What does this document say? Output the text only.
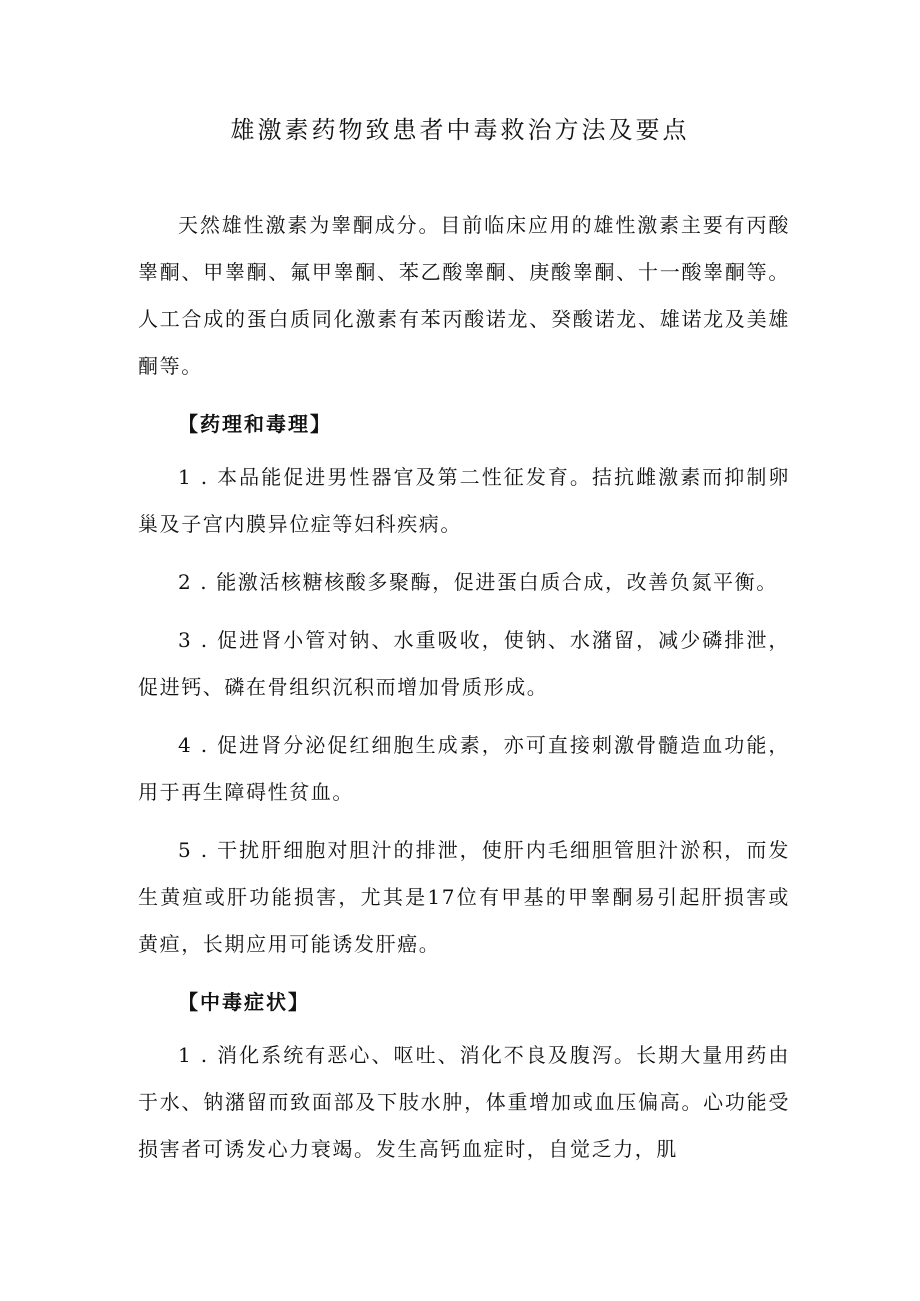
雄激素药物致患者中毒救治方法及要点

天然雄性激素为睾酮成分。目前临床应用的雄性激素主要有丙酸睾酮、甲睾酮、氟甲睾酮、苯乙酸睾酮、庚酸睾酮、十一酸睾酮等。人工合成的蛋白质同化激素有苯丙酸诺龙、癸酸诺龙、雄诺龙及美雄酮等。

【药理和毒理】

1 . 本品能促进男性器官及第二性征发育。拮抗雌激素而抑制卵巢及子宫内膜异位症等妇科疾病。

2 . 能激活核糖核酸多聚酶，促进蛋白质合成，改善负氮平衡。

3 . 促进肾小管对钠、水重吸收，使钠、水潴留，减少磷排泄，促进钙、磷在骨组织沉积而增加骨质形成。

4 . 促进肾分泌促红细胞生成素，亦可直接刺激骨髓造血功能，用于再生障碍性贫血。

5 . 干扰肝细胞对胆汁的排泄，使肝内毛细胆管胆汁淤积，而发生黄疸或肝功能损害，尤其是17位有甲基的甲睾酮易引起肝损害或黄疸，长期应用可能诱发肝癌。

【中毒症状】

1 . 消化系统有恶心、呕吐、消化不良及腹泻。长期大量用药由于水、钠潴留而致面部及下肢水肿，体重增加或血压偏高。心功能受损害者可诱发心力衰竭。发生高钙血症时，自觉乏力，肌
